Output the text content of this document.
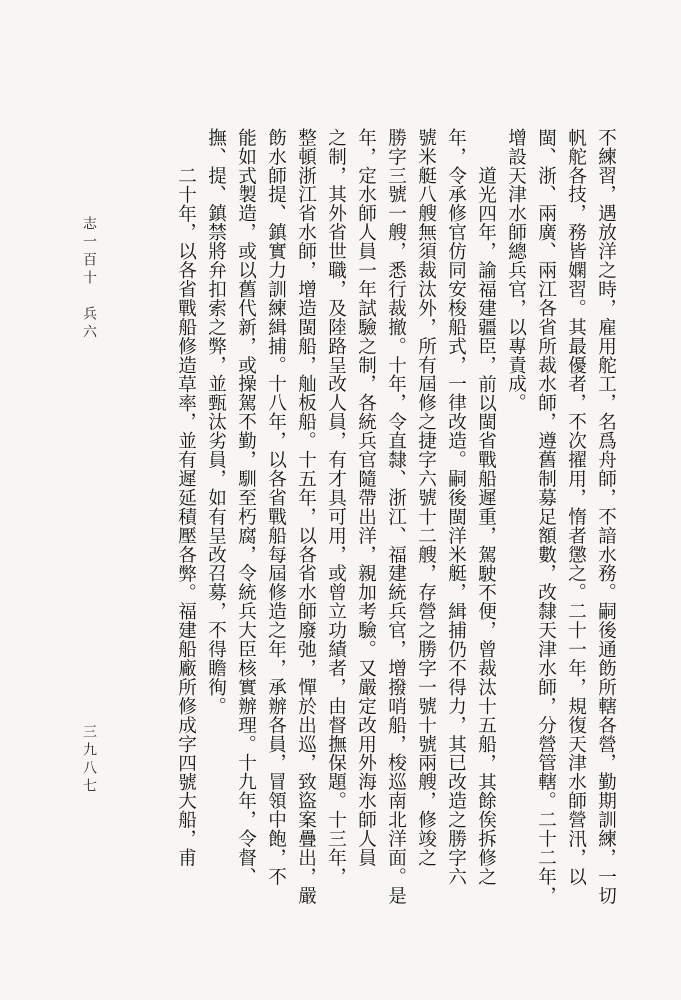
志一百十　兵六
三九八七	不練習，遇放洋之時，雇用舵工，名爲舟師，不諳水務。嗣後通飭所轄各營，勤期訓練，一切
帆舵各技，務皆嫻習。其最優者，不次擢用，惰者懲之。二十一年，規復天津水師營汛，以
閩、浙、兩廣、兩江各省所裁水師，遵舊制募足額數，改隸天津水師，分營管轄。二十二年，
增設天津水師總兵官，以專責成。
道光四年，諭福建疆臣，前以閩省戰船遲重，駕駛不便，曾裁汰十五船，其餘俟拆修之
年，令承修官仿同安梭船式，一律改造。嗣後閩洋米艇，緝捕仍不得力，其已改造之勝字六
號米艇八艘無須裁汰外，所有屆修之捷字六號十二艘，存營之勝字一號十號兩艘，修竣之
勝字三號一艘，悉行裁撤。十年，令直隸、浙江、福建統兵官，增撥哨船，梭巡南北洋面。是
年，定水師人員一年試驗之制，各統兵官隨帶出洋，親加考驗。又嚴定改用外海水師人員
之制，其外省世職，及陸路呈改人員，有才具可用，或曾立功績者，由督撫保題。十三年，
整頓浙江省水師，增造閩船，舢板船。十五年，以各省水師廢弛，憚於出巡，致盜案疊出，嚴
飭水師提、鎮實力訓練緝捕。十八年，以各省戰船每屆修造之年，承辦各員，冒領中飽，不
能如式製造，或以舊代新，或操駕不勤，馴至朽腐，令統兵大臣核實辦理。十九年，令督、
撫、提、鎮禁將弁扣索之弊，並甄汰劣員，如有呈改召募，不得瞻徇。
二十年，以各省戰船修造草率，並有遲延積壓各弊。福建船廠所修成字四號大船，甫
